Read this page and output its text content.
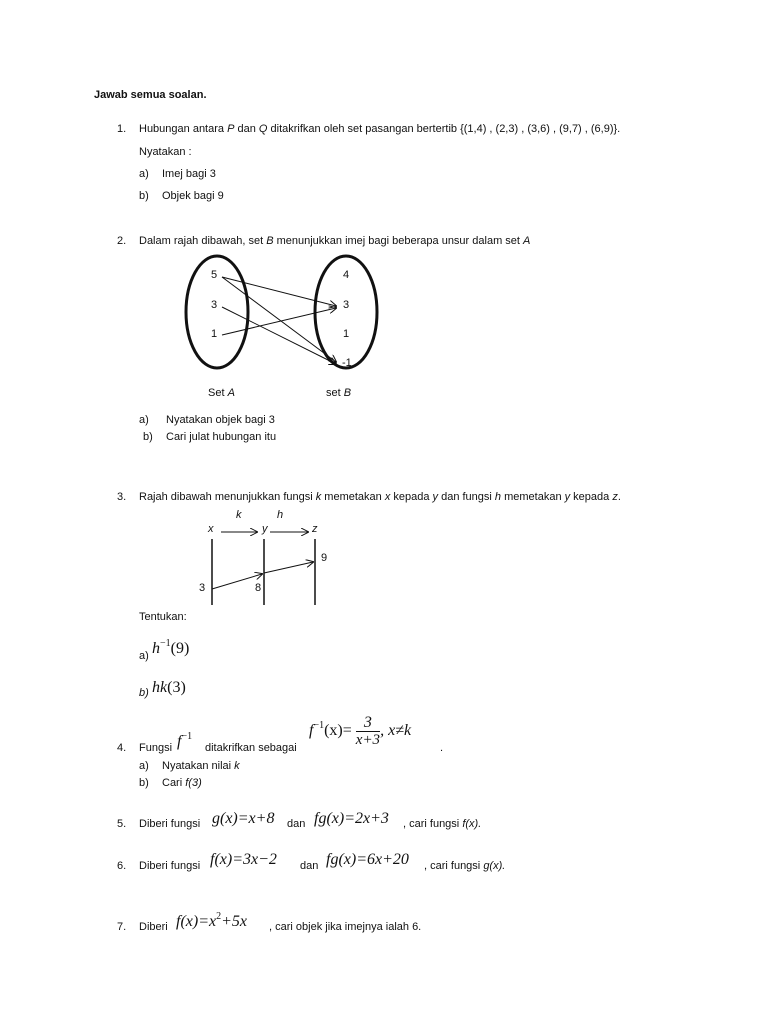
Jawab semua soalan.
1. Hubungan antara P dan Q ditakrifkan oleh set pasangan bertertib {(1,4) , (2,3) , (3,6) , (9,7) , (6,9)}.
Nyatakan :
a) Imej bagi 3
b) Objek bagi 9
2. Dalam rajah dibawah, set B menunjukkan imej bagi beberapa unsur dalam set A
5
3
1
4
3
1
-1
Set A	set B
a) Nyatakan objek bagi 3
b) Cari julat hubungan itu
3. Rajah dibawah menunjukkan fungsi k memetakan x kepada y dan fungsi h memetakan y kepada z.
k	h
x	y	z
3	8
9
Tentukan:
a) $h^{-1}(9)$
b) hk(3)
4. Fungsi $f^{-1}$
ditakrifkan sebagai
$f^{-1}(x)= \frac{3}{x+3}$ , x≠k
.
a) Nyatakan nilai k
b) Cari f(3)
5. Diberi fungsi g(x)=x+8 dan fg(x)=2x+3 , cari fungsi f(x).
6. Diberi fungsi f(x)=3x−2 dan fg(x)=6x+20 , cari fungsi g(x).
7. Diberi $f(x)=x^2+5x$ , cari objek jika imejnya ialah 6.
